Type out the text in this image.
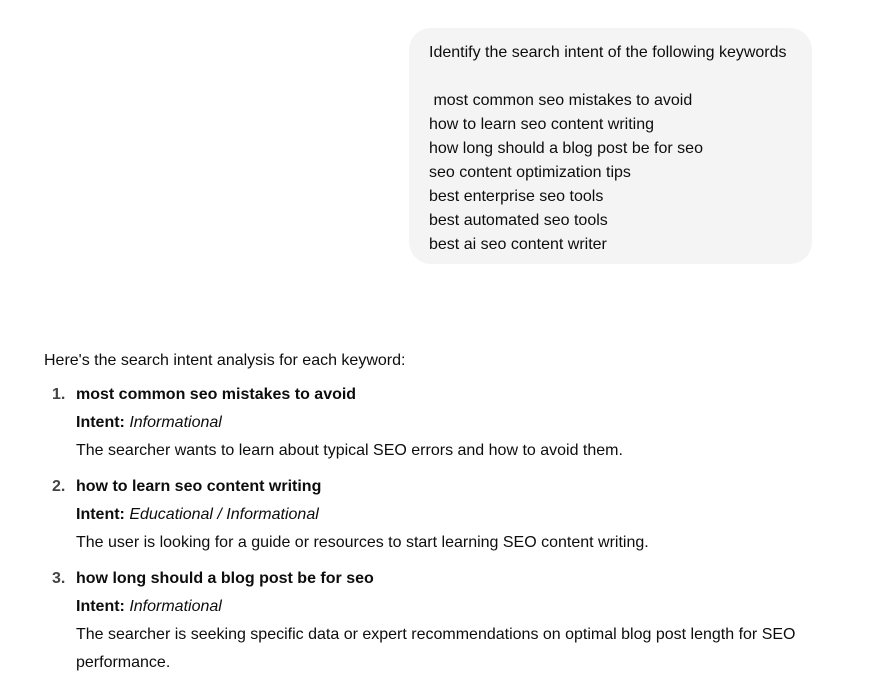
Identify the search intent of the following keywords
most common seo mistakes to avoid
how to learn seo content writing
how long should a blog post be for seo
seo content optimization tips
best enterprise seo tools
best automated seo tools
best ai seo content writer
Here's the search intent analysis for each keyword:
1. most common seo mistakes to avoid
Intent: Informational
The searcher wants to learn about typical SEO errors and how to avoid them.
2. how to learn seo content writing
Intent: Educational / Informational
The user is looking for a guide or resources to start learning SEO content writing.
3. how long should a blog post be for seo
Intent: Informational
The searcher is seeking specific data or expert recommendations on optimal blog post length for SEO performance.
